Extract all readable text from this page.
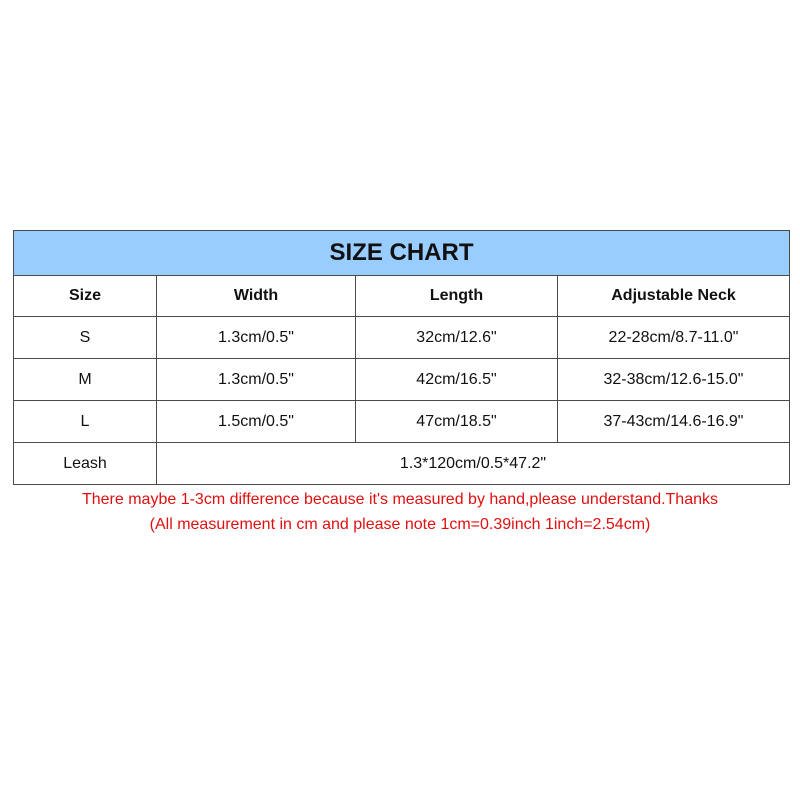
SIZE CHART			
Size	Width	Length	Adjustable Neck
S	1.3cm/0.5"	32cm/12.6"	22-28cm/8.7-11.0"
M	1.3cm/0.5"	42cm/16.5"	32-38cm/12.6-15.0"
L	1.5cm/0.5"	47cm/18.5"	37-43cm/14.6-16.9"
Leash	1.3*120cm/0.5*47.2"		
There maybe 1-3cm difference because it's measured by hand,please understand.Thanks
(All measurement in cm and please note 1cm=0.39inch 1inch=2.54cm)
